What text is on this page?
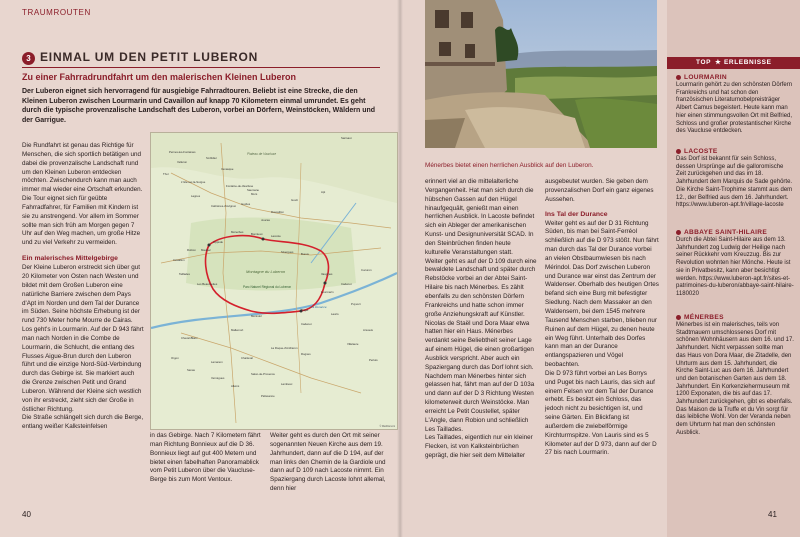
TRAUMROUTEN
3 EINMAL UM DEN PETIT LUBERON
Zu einer Fahrradrundfahrt um den malerischen Kleinen Luberon
Der Luberon eignet sich hervorragend für ausgiebige Fahrradtouren. Beliebt ist eine Strecke, die den Kleinen Luberon zwischen Lourmarin und Cavaillon auf knapp 70 Kilometern einmal umrundet. Es geht durch die typische provenzalische Landschaft des Luberon, vorbei an Dörfern, Weinstöcken, Wäldern und der Garrigue.

Die Rundfahrt ist genau das Richtige für Menschen, die sich sportlich betätigen und dabei die provenzalische Landschaft rund um den Kleinen Luberon entdecken möchten. Zwischendurch kann man auch immer mal wieder eine Ortschaft erkunden. Die Tour eignet sich für geübte Fahrradfahrer, für Familien mit Kindern ist sie zu anstrengend. Vor allem im Sommer sollte man sich früh am Morgen gegen 7 Uhr auf den Weg machen, um große Hitze und zu viel Verkehr zu vermeiden.

Ein malerisches Mittelgebirge

Der Kleine Luberon erstreckt sich über gut 20 Kilometer von Osten nach Westen und bildet mit dem Großen Luberon eine natürliche Barriere zwischen dem Pays d'Apt im Norden und dem Tal der Durance im Süden. Seine höchste Erhebung ist der rund 730 Meter hohe Mourre de Cairas. Los geht's in Lourmarin. Auf der D 943 fährt man nach Norden in die Combe de Lourmarin, die Schlucht, die entlang des Flusses Aigue-Brun durch den Luberon führt und die einzige Nord-Süd-Verbindung durch das Gebirge ist. Sie markiert auch die Grenze zwischen Petit und Grand Luberon. Während der Kleine sich westlich von ihr erstreckt, zieht sich der Große in östlicher Richtung.

Die Straße schlängelt sich durch die Berge, entlang weißer Kalksteinfelsen

in das Gebirge. Nach 7 Kilometern fährt man Richtung Bonnieux auf die D 36. Bonnieux liegt auf gut 400 Metern und bietet einen fabelhaften Panoramablick vom Petit Luberon über die Vaucluse-Berge bis zum Mont Ventoux.

Weiter geht es durch den Ort mit seiner sogenannten Neuen Kirche aus dem 19. Jahrhundert, dann auf die D 194, auf der man links den Chemin de la Gardiole und dann auf D 109 nach Lacoste nimmt. Ein Spaziergang durch Lacoste lohnt allemal, denn hier

Montagne du Luberon
Parc Naturel Régional du Luberon
Plateau de Vaucluse
La Durance
Sarrsaut
Pernes-les-Fontaines
Velleron
St-Didier
Venasque
Thor
L'Isle-sur-la-Sorgue
Fontaine-de-Vaucluse
Saumane
Lagnes
Cabrières-d'Avignon Gordes
Roussillon
Goult
Joucas
Murs	Apt
Bonnieux	Lacoste
Ménerbes
Oppède
Maubec
Robion
Cavaillon
Taillades
Les Beaumettes
Lauris
Puget
Puyvert
Lourmarin
Cadenet
Mérindol
Mallemort
Cheval-Blanc
Orgon
Sénas
Lamanon
Charleval
La Roque-d'Anthéron
Rognes
Pélissanne
Lambesc
Salon-de-Provence
Vernègues
Alleins
Vaugines
Cucuron
Buoux
Sivergues
Ansouis
Villelaure
Pertuis
Cadenet
© MairDumont
40
Ménerbes bietet einen herrlichen Ausblick auf den Luberon.

erinnert viel an die mittelalterliche Vergangenheit. Hat man sich durch die hübschen Gassen auf den Hügel hinaufgequält, genießt man einen herrlichen Ausblick. In Lacoste befindet sich ein Ableger der amerikanischen Kunst- und Designuniversität SCAD. In den Steinbrüchen finden heute kulturelle Veranstaltungen statt.

Weiter geht es auf der D 109 durch eine bewaldete Landschaft und später durch Rebstöcke vorbei an der Abtei Saint-Hilaire bis nach Ménerbes. Es zählt ebenfalls zu den schönsten Dörfern Frankreichs und hatte schon immer große Anziehungskraft auf Künstler. Nicolas de Staël und Dora Maar etwa hatten hier ein Haus. Ménerbes verdankt seine Beliebtheit seiner Lage auf einem Hügel, die einen großartigen Ausblick verspricht. Aber auch ein Spaziergang durch das Dorf lohnt sich. Nachdem man Ménerbes hinter sich gelassen hat, fährt man auf der D 103a und dann auf der D 3 Richtung Westen kilometerweit durch Weinstöcke. Man erreicht Le Petit Coustellet, später L'Angle, dann Robion und schließlich Les Taillades.

Les Taillades, eigentlich nur ein kleiner Flecken, ist von Kalksteinbrüchen geprägt, die hier seit dem Mittelalter

ausgebeutet wurden. Sie geben dem provenzalischen Dorf ein ganz eigenes Aussehen.

Ins Tal der Durance

Weiter geht es auf der D 31 Richtung Süden, bis man bei Saint-Ferréol schließlich auf die D 973 stößt. Nun fährt man durch das Tal der Durance vorbei an vielen Obstbaumwiesen bis nach Mérindol. Das Dorf zwischen Luberon und Durance war einst das Zentrum der Waldenser. Oberhalb des heutigen Ortes befand sich eine Burg mit befestigter Siedlung. Nach dem Massaker an den Waldensern, bei dem 1545 mehrere Tausend Menschen starben, blieben nur Ruinen auf dem Hügel, zu denen heute ein Weg führt. Unterhalb des Dorfes kann man an der Durance entlangspazieren und Vögel beobachten.

Die D 973 führt vorbei an Les Borrys und Puget bis nach Lauris, das sich auf einem Felsen vor dem Tal der Durance erhebt. Es besitzt ein Schloss, das jedoch nicht zu besichtigen ist, und seine Gärten. Ein Blickfang ist außerdem die zwiebelförmige Kirchturmspitze. Von Lauris sind es 5 Kilometer auf der D 973, dann auf der D 27 bis nach Lourmarin.

TOP ★ ERLEBNISSE
LOURMARIN
Lourmarin gehört zu den schönsten Dörfern Frankreichs und hat schon den französischen Literaturnobelpreisträger Albert Camus begeistert. Heute kann man hier einen stimmungsvollen Ort mit Belfried, Schloss und großer protestantischer Kirche des Vaucluse entdecken.
LACOSTE
Das Dorf ist bekannt für sein Schloss, dessen Ursprünge auf die galloromische Zeit zurückgehen und das im 18. Jahrhundert dem Marquis de Sade gehörte. Die Kirche Saint-Trophime stammt aus dem 12., der Belfried aus dem 16. Jahrhundert. https://www.luberon-apt.fr/village-lacoste
ABBAYE SAINT-HILAIRE
Durch die Abtei Saint-Hilaire aus dem 13. Jahrhundert zog Ludwig der Heilige nach seiner Rückkehr vom Kreuzzug. Bis zur Revolution wohnten hier Mönche. Heute ist sie in Privatbesitz, kann aber besichtigt werden. https://www.luberon-apt.fr/sites-et-patrimoines-du-luberon/abbaye-saint-hilaire-1180020
MÉNERBES
Ménerbes ist ein malerisches, teils von Stadtmauern umschlossenes Dorf mit schönen Wohnhäusern aus dem 16. und 17. Jahrhundert. Nicht verpassen sollte man das Haus von Dora Maar, die Zitadelle, den Uhrturm aus dem 15. Jahrhundert, die Kirche Saint-Luc aus dem 16. Jahrhundert und den botanischen Garten aus dem 18. Jahrhundert. Ein Korkenziehermuseum mit 1200 Exponaten, die bis auf das 17. Jahrhundert zurückgehen, gibt es ebenfalls. Das Maison de la Truffe et du Vin sorgt für das leibliche Wohl. Von der Veranda neben dem Uhrturm hat man den schönsten Ausblick.
41
